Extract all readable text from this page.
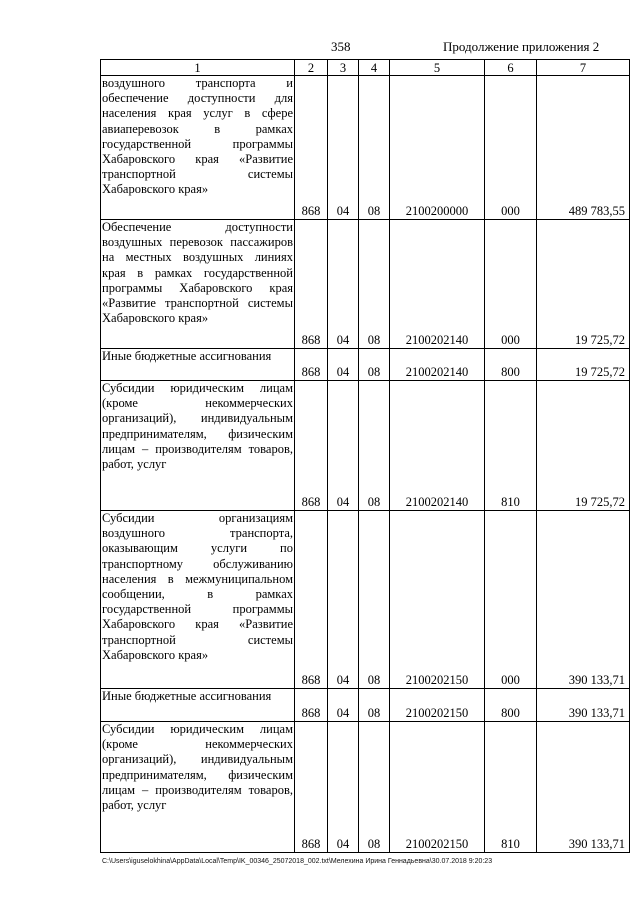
358	Продолжение приложения 2
1	2	3	4	5	6	7
воздушного транспорта и обеспечение доступности для населения края услуг в сфере авиаперевозок в рамках государственной программы Хабаровского края «Развитие транспортной системы Хабаровского края»	868	04	08	2100200000	000	489 783,55
Обеспечение доступности воздушных перевозок пассажиров на местных воздушных линиях края в рамках государственной программы Хабаровского края «Развитие транспортной системы Хабаровского края»	868	04	08	2100202140	000	19 725,72
Иные бюджетные ассигнования	868	04	08	2100202140	800	19 725,72
Субсидии юридическим лицам (кроме некоммерческих организаций), индивидуальным предпринимателям, физическим лицам – производителям товаров, работ, услуг	868	04	08	2100202140	810	19 725,72
Субсидии организациям воздушного транспорта, оказывающим услуги по транспортному обслуживанию населения в межмуниципальном сообщении, в рамках государственной программы Хабаровского края «Развитие транспортной системы Хабаровского края»	868	04	08	2100202150	000	390 133,71
Иные бюджетные ассигнования	868	04	08	2100202150	800	390 133,71
Субсидии юридическим лицам (кроме некоммерческих организаций), индивидуальным предпринимателям, физическим лицам – производителям товаров, работ, услуг	868	04	08	2100202150	810	390 133,71
C:\Users\iguselokhina\AppData\Local\Temp\IK_00346_25072018_002.txt\Мелехина Ирина Геннадьевна\30.07.2018 9:20:23
